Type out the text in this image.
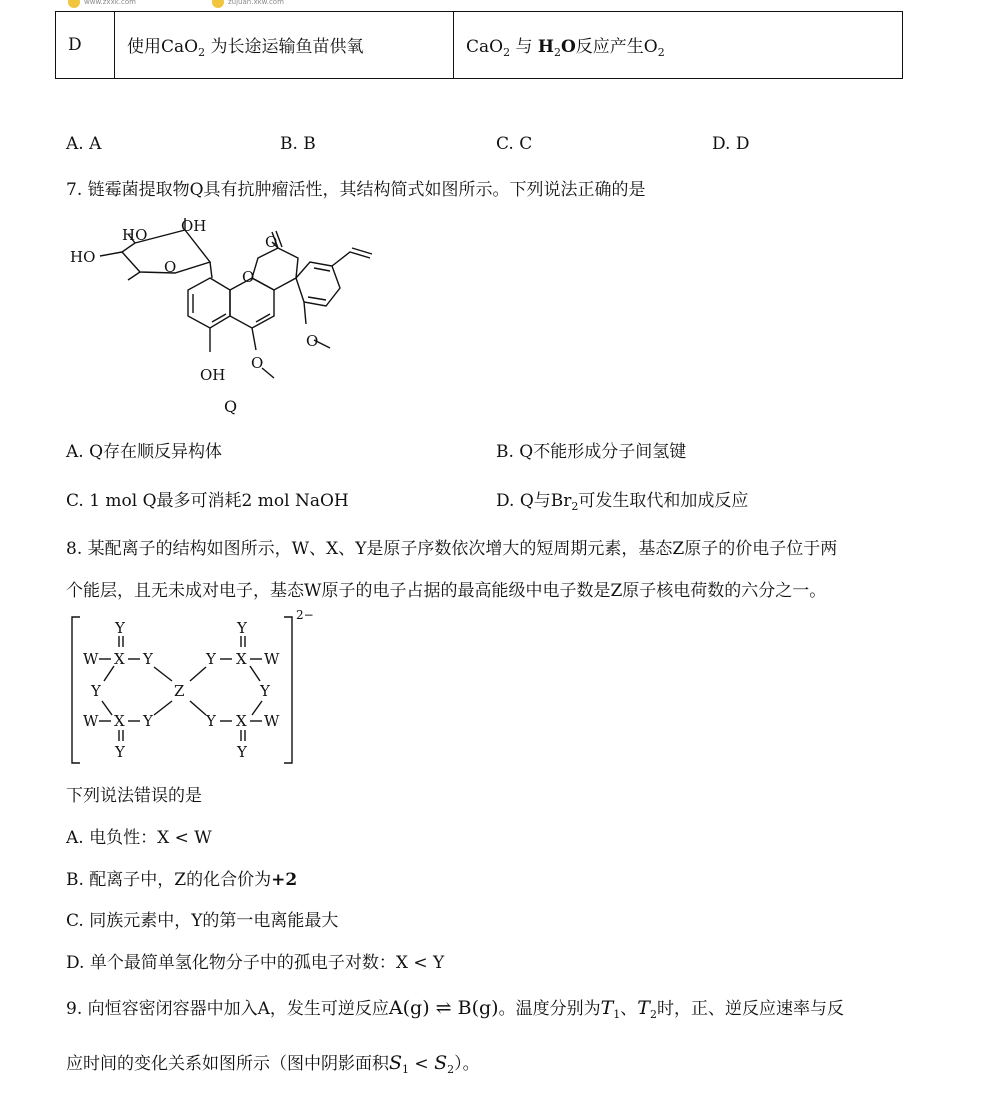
www.zxxk.com	zujuan.xkw.com
D	使用CaO$_2$ 为长途运输鱼苗供氧	CaO$_2$ 与 $H_2O$反应产生$O_2$
A. A	B. B	C. C	D. D
7. 链霉菌提取物Q具有抗肿瘤活性，其结构简式如图所示。下列说法正确的是
OH
HO
HO
O
O
O
O
OH
O
Q
A. Q存在顺反异构体	B. Q不能形成分子间氢键
C. 1 mol Q最多可消耗2 mol NaOH	D. Q与$Br_2$可发生取代和加成反应
8. 某配离子的结构如图所示，W、X、Y是原子序数依次增大的短周期元素，基态Z原子的价电子位于两
个能层，且无未成对电子，基态W原子的电子占据的最高能级中电子数是Z原子核电荷数的六分之一。
2−
Y
W X Y
Y
W X Y
Y
Z
Y
Y X W
Y
Y X W
Y
下列说法错误的是
A. 电负性：X < W
B. 配离子中，Z的化合价为+2
C. 同族元素中，Y的第一电离能最大
D. 单个最简单氢化物分子中的孤电子对数：X < Y
9. 向恒容密闭容器中加入A，发生可逆反应A(g) ⇌ B(g)。温度分别为$T_1$、$T_2$时，正、逆反应速率与反
应时间的变化关系如图所示（图中阴影面积$S_1 < S_2$）。
